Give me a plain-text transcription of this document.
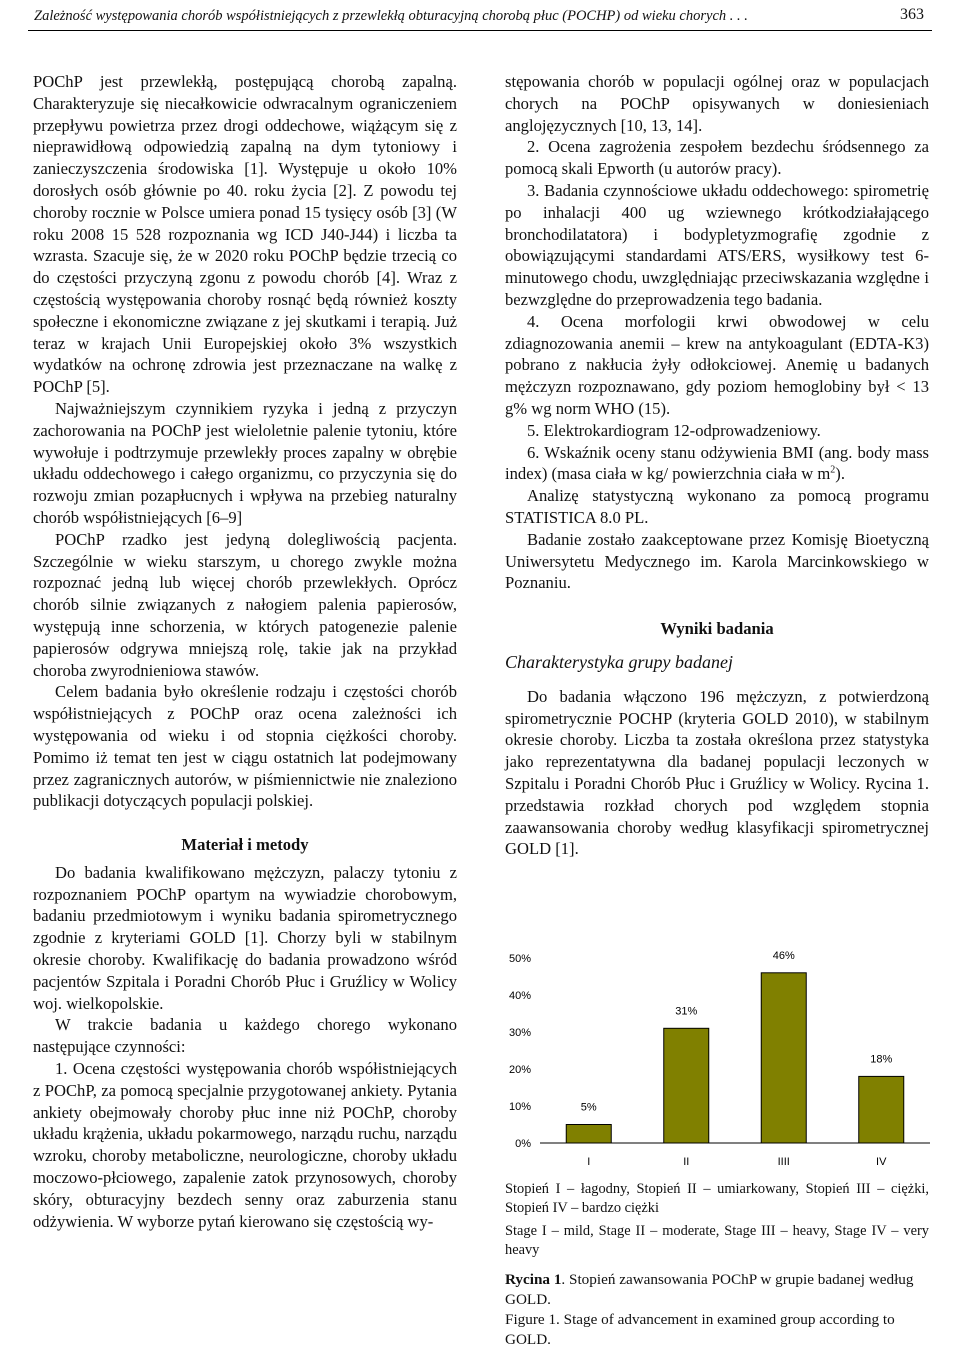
Zależność występowania chorób współistniejących z przewlekłą obturacyjną chorobą płuc (POCHP) od wieku chorych . . .	363

POChP jest przewlekłą, postępującą chorobą zapalną. Charakteryzuje się niecałkowicie odwracalnym ograniczeniem przepływu powietrza przez drogi oddechowe, wiążącym się z nieprawidłową odpowiedzią zapalną na dym tytoniowy i zanieczyszczenia środowiska [1]. Występuje u około 10% dorosłych osób głównie po 40. roku życia [2]. Z powodu tej choroby rocznie w Polsce umiera ponad 15 tysięcy osób [3] (W roku 2008 15 528 rozpoznania wg ICD J40-J44) i liczba ta wzrasta. Szacuje się, że w 2020 roku POChP będzie trzecią co do częstości przyczyną zgonu z powodu chorób [4]. Wraz z częstością występowania choroby rosnąć będą również koszty społeczne i ekonomiczne związane z jej skutkami i terapią. Już teraz w krajach Unii Europejskiej około 3% wszystkich wydatków na ochronę zdrowia jest przeznaczane na walkę z POChP [5].

Najważniejszym czynnikiem ryzyka i jedną z przyczyn zachorowania na POChP jest wieloletnie palenie tytoniu, które wywołuje i podtrzymuje przewlekły proces zapalny w obrębie układu oddechowego i całego organizmu, co przyczynia się do rozwoju zmian pozapłucnych i wpływa na przebieg naturalny chorób współistniejących [6–9]

POChP rzadko jest jedyną dolegliwością pacjenta. Szczególnie w wieku starszym, u chorego zwykle można rozpoznać jedną lub więcej chorób przewlekłych. Oprócz chorób silnie związanych z nałogiem palenia papierosów, występują inne schorzenia, w których patogenezie palenie papierosów odgrywa mniejszą rolę, takie jak na przykład choroba zwyrodnieniowa stawów.

Celem badania było określenie rodzaju i częstości chorób współistniejących z POChP oraz ocena zależności ich występowania od wieku i od stopnia ciężkości choroby. Pomimo iż temat ten jest w ciągu ostatnich lat podejmowany przez zagranicznych autorów, w piśmiennictwie nie znaleziono publikacji dotyczących populacji polskiej.

Materiał i metody

Do badania kwalifikowano mężczyzn, palaczy tytoniu z rozpoznaniem POChP opartym na wywiadzie chorobowym, badaniu przedmiotowym i wyniku badania spirometrycznego zgodnie z kryteriami GOLD [1]. Chorzy byli w stabilnym okresie choroby. Kwalifikację do badania prowadzono wśród pacjentów Szpitala i Poradni Chorób Płuc i Gruźlicy w Wolicy woj. wielkopolskie.

W trakcie badania u każdego chorego wykonano następujące czynności:

1. Ocena częstości występowania chorób współistniejących z POChP, za pomocą specjalnie przygotowanej ankiety. Pytania ankiety obejmowały choroby płuc inne niż POChP, choroby układu krążenia, układu pokarmowego, narządu ruchu, narządu wzroku, choroby metaboliczne, neurologiczne, choroby układu moczowo-płciowego, zapalenie zatok przynosowych, choroby skóry, obturacyjny bezdech senny oraz zaburzenia stanu odżywienia. W wyborze pytań kierowano się częstością wy-

stępowania chorób w populacji ogólnej oraz w populacjach chorych na POChP opisywanych w doniesieniach anglojęzycznych [10, 13, 14].

2. Ocena zagrożenia zespołem bezdechu śródsennego za pomocą skali Epworth (u autorów pracy).

3. Badania czynnościowe układu oddechowego: spirometrię po inhalacji 400 ug wziewnego krótkodziałającego bronchodilatatora) i bodypletyzmografię zgodnie z obowiązującymi standardami ATS/ERS, wysiłkowy test 6-minutowego chodu, uwzględniając przeciwskazania względne i bezwzględne do przeprowadzenia tego badania.

4. Ocena morfologii krwi obwodowej w celu zdiagnozowania anemii – krew na antykoagulant (EDTA-K3) pobrano z nakłucia żyły odłokciowej. Anemię u badanych mężczyzn rozpoznawano, gdy poziom hemoglobiny był < 13 g% wg norm WHO (15).

5. Elektrokardiogram 12-odprowadzeniowy.

6. Wskaźnik oceny stanu odżywienia BMI (ang. body mass index) (masa ciała w kg/ powierzchnia ciała w $m^2$).

Analizę statystyczną wykonano za pomocą programu STATISTICA 8.0 PL.

Badanie zostało zaakceptowane przez Komisję Bioetyczną Uniwersytetu Medycznego im. Karola Marcinkowskiego w Poznaniu.

Wyniki badania
Charakterystyka grupy badanej

Do badania włączono 196 mężczyzn, z potwierdzoną spirometrycznie POCHP (kryteria GOLD 2010), w stabilnym okresie choroby. Liczba ta została określona przez statystyka jako reprezentatywna dla badanej populacji leczonych w Szpitalu i Poradni Chorób Płuc i Gruźlicy w Wolicy. Rycina 1. przedstawia rozkład chorych pod względem stopnia zaawansowania choroby według klasyfikacji spirometrycznej GOLD [1].

0%
10%
20%
30%
40%
50%
5%
I
31%
II
46%
IIII
18%
IV

Stopień I – łagodny, Stopień II – umiarkowany, Stopień III – ciężki, Stopień IV – bardzo ciężki

Stage I – mild, Stage II – moderate, Stage III – heavy, Stage IV – very heavy

Rycina 1. Stopień zawansowania POChP w grupie badanej według GOLD.

Figure 1. Stage of advancement in examined group according to GOLD.
